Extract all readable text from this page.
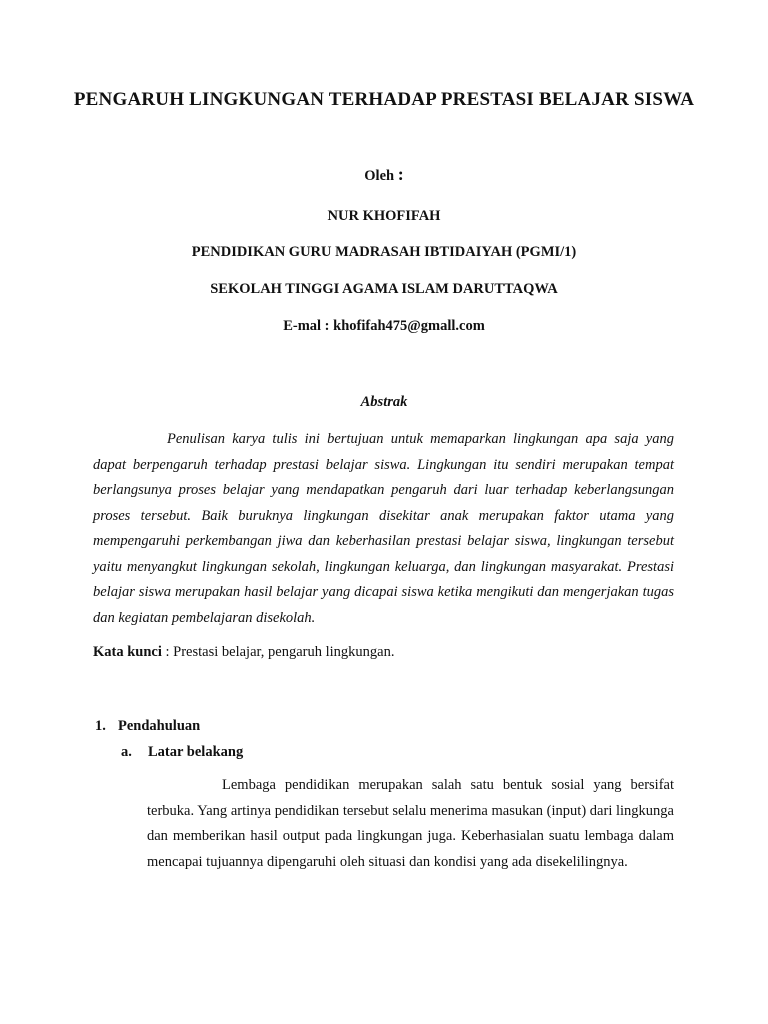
PENGARUH LINGKUNGAN TERHADAP PRESTASI BELAJAR SISWA

Oleh :

NUR KHOFIFAH

PENDIDIKAN GURU MADRASAH IBTIDAIYAH (PGMI/1)

SEKOLAH TINGGI AGAMA ISLAM DARUTTAQWA

E-mal : khofifah475@gmall.com

Abstrak

Penulisan karya tulis ini bertujuan untuk memaparkan lingkungan apa saja yang dapat berpengaruh terhadap prestasi belajar siswa. Lingkungan itu sendiri merupakan tempat berlangsunya proses belajar yang mendapatkan pengaruh dari luar terhadap keberlangsungan proses tersebut. Baik buruknya lingkungan disekitar anak merupakan faktor utama yang mempengaruhi perkembangan jiwa dan keberhasilan prestasi belajar siswa, lingkungan tersebut yaitu menyangkut lingkungan sekolah, lingkungan keluarga, dan lingkungan masyarakat. Prestasi belajar siswa merupakan hasil belajar yang dicapai siswa ketika mengikuti dan mengerjakan tugas dan kegiatan pembelajaran disekolah.

Kata kunci : Prestasi belajar, pengaruh lingkungan.

1. Pendahuluan

a. Latar belakang

Lembaga pendidikan merupakan salah satu bentuk sosial yang bersifat terbuka. Yang artinya pendidikan tersebut selalu menerima masukan (input) dari lingkunga dan memberikan hasil output pada lingkungan juga. Keberhasialan suatu lembaga dalam mencapai tujuannya dipengaruhi oleh situasi dan kondisi yang ada disekelilingnya.
